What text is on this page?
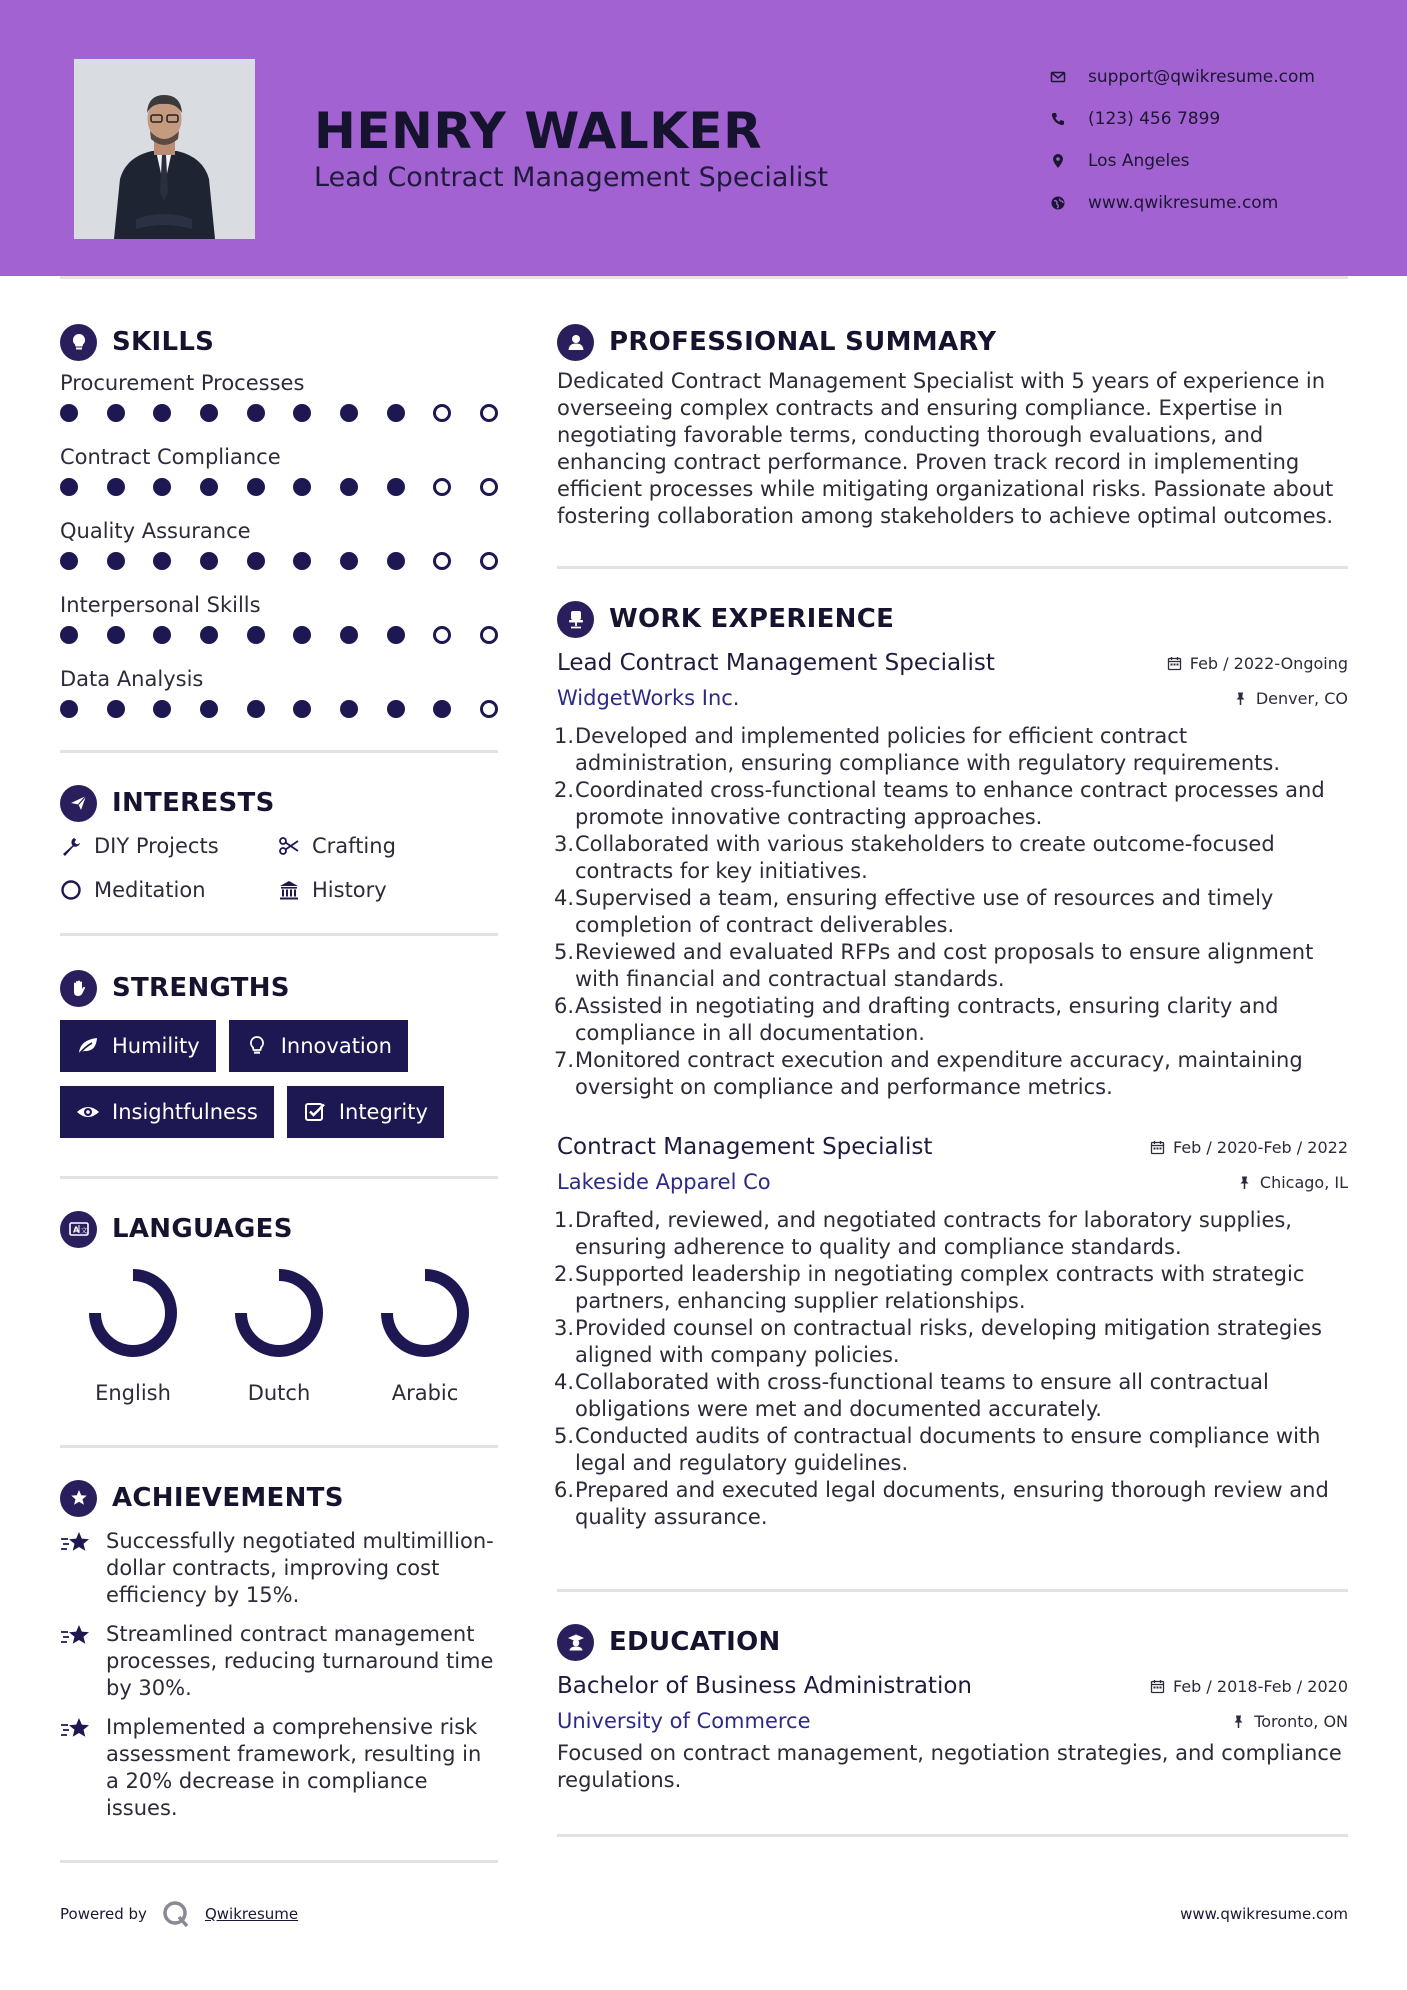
HENRY WALKER
Lead Contract Management Specialist
support@qwikresume.com
(123) 456 7899
Los Angeles
www.qwikresume.com
SKILLS
Procurement Processes
Contract Compliance
Quality Assurance
Interpersonal Skills
Data Analysis
INTERESTS
DIY Projects	Crafting
Meditation	History
STRENGTHS
Humility	Innovation
Insightfulness	Integrity
A 文 LANGUAGES
English	Dutch	Arabic
ACHIEVEMENTS
Successfully negotiated multimillion-dollar contracts, improving cost efficiency by 15%.
Streamlined contract management processes, reducing turnaround time by 30%.
Implemented a comprehensive risk assessment framework, resulting in a 20% decrease in compliance issues.
PROFESSIONAL SUMMARY

Dedicated Contract Management Specialist with 5 years of experience in overseeing complex contracts and ensuring compliance. Expertise in negotiating favorable terms, conducting thorough evaluations, and enhancing contract performance. Proven track record in implementing efficient processes while mitigating organizational risks. Passionate about fostering collaboration among stakeholders to achieve optimal outcomes.

WORK EXPERIENCE
Lead Contract Management Specialist	Feb / 2022-Ongoing
WidgetWorks Inc.	Denver, CO
1. Developed and implemented policies for efficient contract administration, ensuring compliance with regulatory requirements.
2. Coordinated cross-functional teams to enhance contract processes and promote innovative contracting approaches.
3. Collaborated with various stakeholders to create outcome-focused contracts for key initiatives.
4. Supervised a team, ensuring effective use of resources and timely completion of contract deliverables.
5. Reviewed and evaluated RFPs and cost proposals to ensure alignment with financial and contractual standards.
6. Assisted in negotiating and drafting contracts, ensuring clarity and compliance in all documentation.
7. Monitored contract execution and expenditure accuracy, maintaining oversight on compliance and performance metrics.
Contract Management Specialist	Feb / 2020-Feb / 2022
Lakeside Apparel Co	Chicago, IL
1. Drafted, reviewed, and negotiated contracts for laboratory supplies, ensuring adherence to quality and compliance standards.
2. Supported leadership in negotiating complex contracts with strategic partners, enhancing supplier relationships.
3. Provided counsel on contractual risks, developing mitigation strategies aligned with company policies.
4. Collaborated with cross-functional teams to ensure all contractual obligations were met and documented accurately.
5. Conducted audits of contractual documents to ensure compliance with legal and regulatory guidelines.
6. Prepared and executed legal documents, ensuring thorough review and quality assurance.
EDUCATION
Bachelor of Business Administration	Feb / 2018-Feb / 2020
University of Commerce	Toronto, ON

Focused on contract management, negotiation strategies, and compliance regulations.

Powered by	Qwikresume	www.qwikresume.com
